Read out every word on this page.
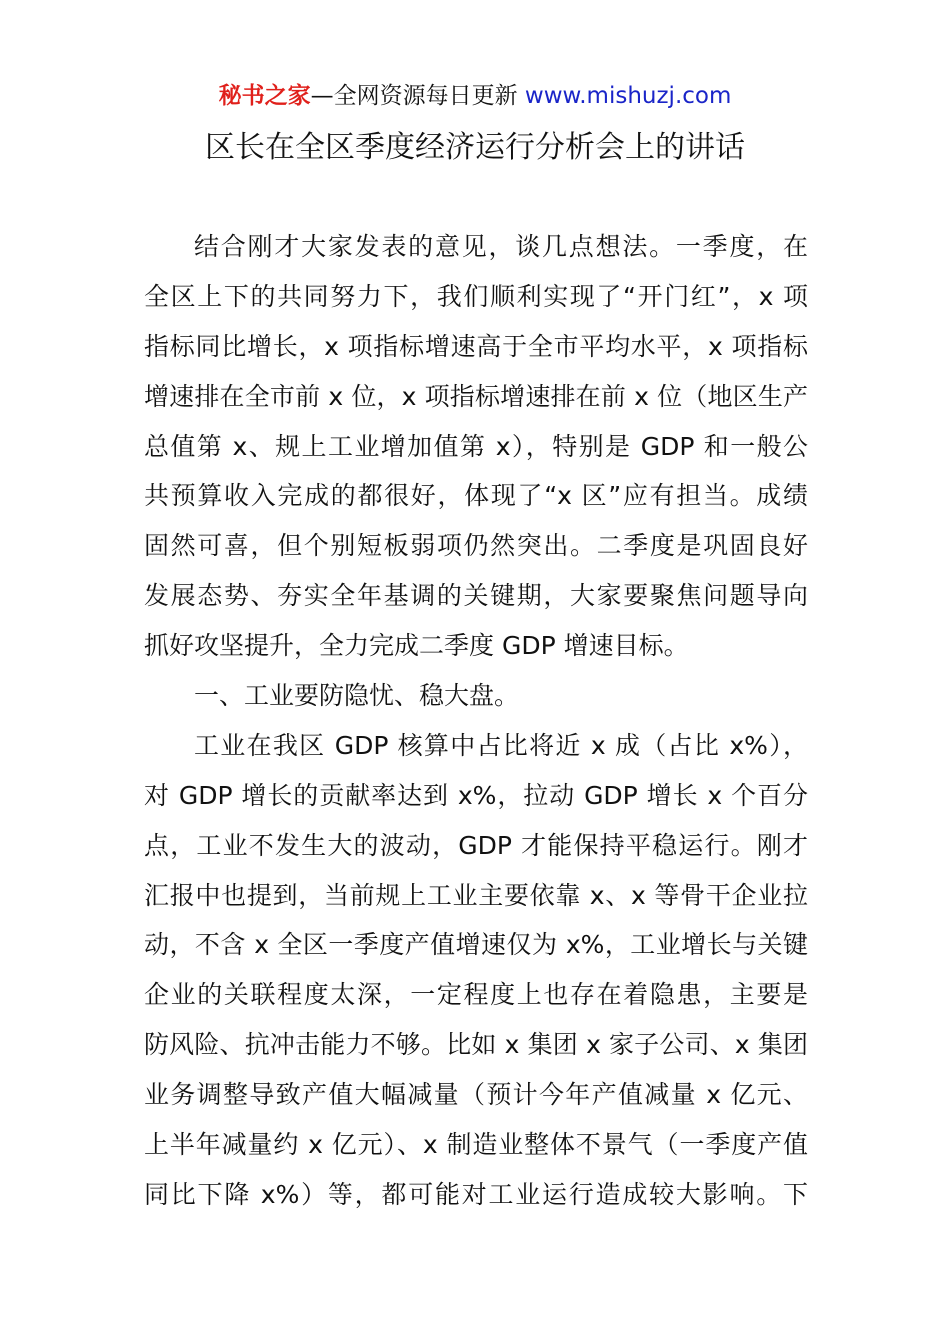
秘书之家—全网资源每日更新 www.mishuzj.com
区长在全区季度经济运行分析会上的讲话
结合刚才大家发表的意见，谈几点想法。一季度，在
全区上下的共同努力下，我们顺利实现了“开门红”，x 项
指标同比增长，x 项指标增速高于全市平均水平，x 项指标
增速排在全市前 x 位，x 项指标增速排在前 x 位（地区生产
总值第 x、规上工业增加值第 x），特别是 GDP 和一般公
共预算收入完成的都很好，体现了“x 区”应有担当。成绩
固然可喜，但个别短板弱项仍然突出。二季度是巩固良好
发展态势、夯实全年基调的关键期，大家要聚焦问题导向
抓好攻坚提升，全力完成二季度 GDP 增速目标。
一、工业要防隐忧、稳大盘。
工业在我区 GDP 核算中占比将近 x 成（占比 x%），
对 GDP 增长的贡献率达到 x%，拉动 GDP 增长 x 个百分
点，工业不发生大的波动，GDP 才能保持平稳运行。刚才
汇报中也提到，当前规上工业主要依靠 x、x 等骨干企业拉
动，不含 x 全区一季度产值增速仅为 x%，工业增长与关键
企业的关联程度太深，一定程度上也存在着隐患，主要是
防风险、抗冲击能力不够。比如 x 集团 x 家子公司、x 集团
业务调整导致产值大幅减量（预计今年产值减量 x 亿元、
上半年减量约 x 亿元）、x 制造业整体不景气（一季度产值
同比下降 x%）等，都可能对工业运行造成较大影响。下
